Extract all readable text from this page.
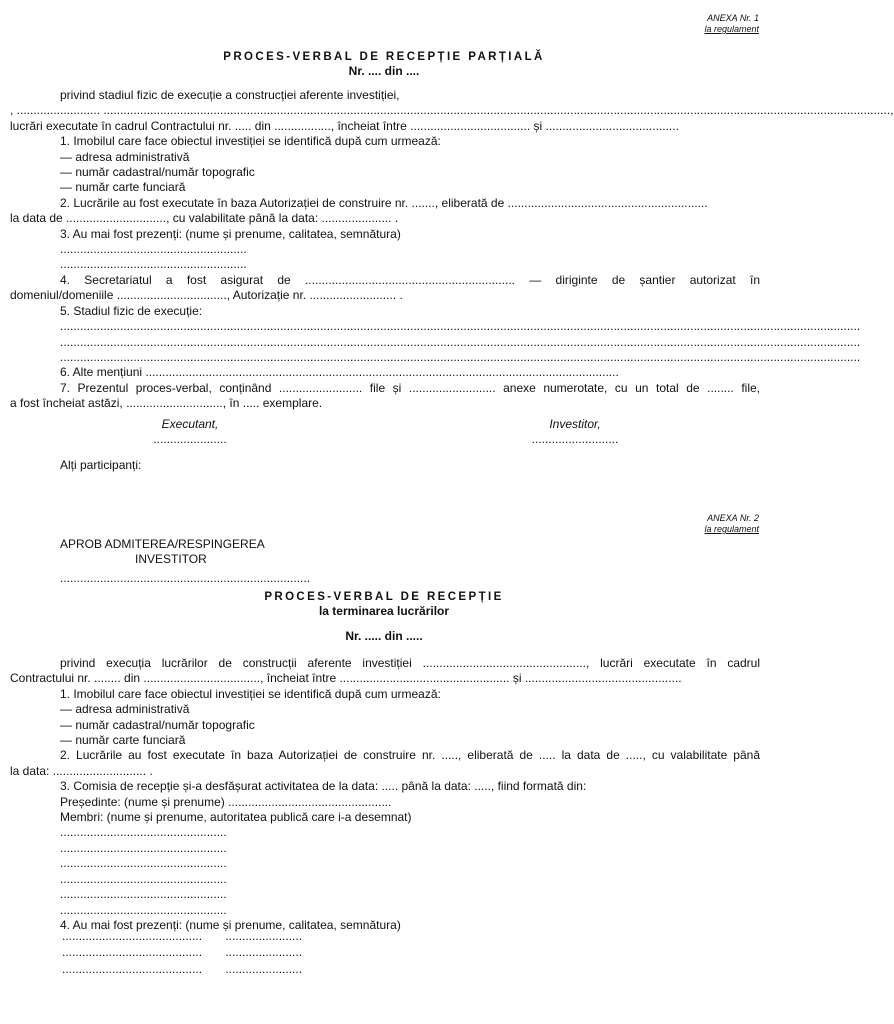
ANEXA Nr. 1
la regulament
PROCES-VERBAL DE RECEPȚIE PARȚIALĂ
Nr. .... din ....

privind stadiul fizic de execuție a construcției aferente investiției,

, ......................... ............................................................................................................................................................................................................................................,

lucrări executate în cadrul Contractului nr. ..... din ................., încheiat între .................................... și ........................................

1. Imobilul care face obiectul investiției se identifică după cum urmează:

— adresa administrativă

— număr cadastral/număr topografic

— număr carte funciară

2. Lucrările au fost executate în baza Autorizației de construire nr. ......., eliberată de ............................................................

la data de .............................., cu valabilitate până la data: ..................... .

3. Au mai fost prezenți: (nume și prenume, calitatea, semnătura)

........................................................

........................................................

4. Secretariatul a fost asigurat de ............................................................... — diriginte de șantier autorizat în

domeniul/domeniile ................................., Autorizație nr. .......................... .

5. Stadiul fizic de execuție:

................................................................................................................................................................................................................................................

................................................................................................................................................................................................................................................

................................................................................................................................................................................................................................................

6. Alte mențiuni ..............................................................................................................................................

7. Prezentul proces-verbal, conținând ......................... file și .......................... anexe numerotate, cu un total de ........ file,

a fost încheiat astăzi, ............................., în ..... exemplare.

Executant,
......................
Investitor,
..........................
Alți participanți:
ANEXA Nr. 2
la regulament
APROB ADMITEREA/RESPINGEREA
INVESTITOR
...........................................................................
PROCES-VERBAL DE RECEPȚIE
la terminarea lucrărilor
Nr. ..... din .....

privind execuția lucrărilor de construcții aferente investiției ................................................., lucrări executate în cadrul

Contractului nr. ........ din ..................................., încheiat între ................................................... și ...............................................

1. Imobilul care face obiectul investiției se identifică după cum urmează:

— adresa administrativă

— număr cadastral/număr topografic

— număr carte funciară

2. Lucrările au fost executate în baza Autorizației de construire nr. ....., eliberată de ..... la data de ....., cu valabilitate până

la data: ............................ .

3. Comisia de recepție și-a desfășurat activitatea de la data: ..... până la data: ....., fiind formată din:

Președinte: (nume și prenume) .................................................

Membri: (nume și prenume, autoritatea publică care i-a desemnat)

..................................................

..................................................

..................................................

..................................................

..................................................

..................................................

4. Au mai fost prezenți: (nume și prenume, calitatea, semnătura)

.......................................... .......................
.......................................... .......................
.......................................... .......................
